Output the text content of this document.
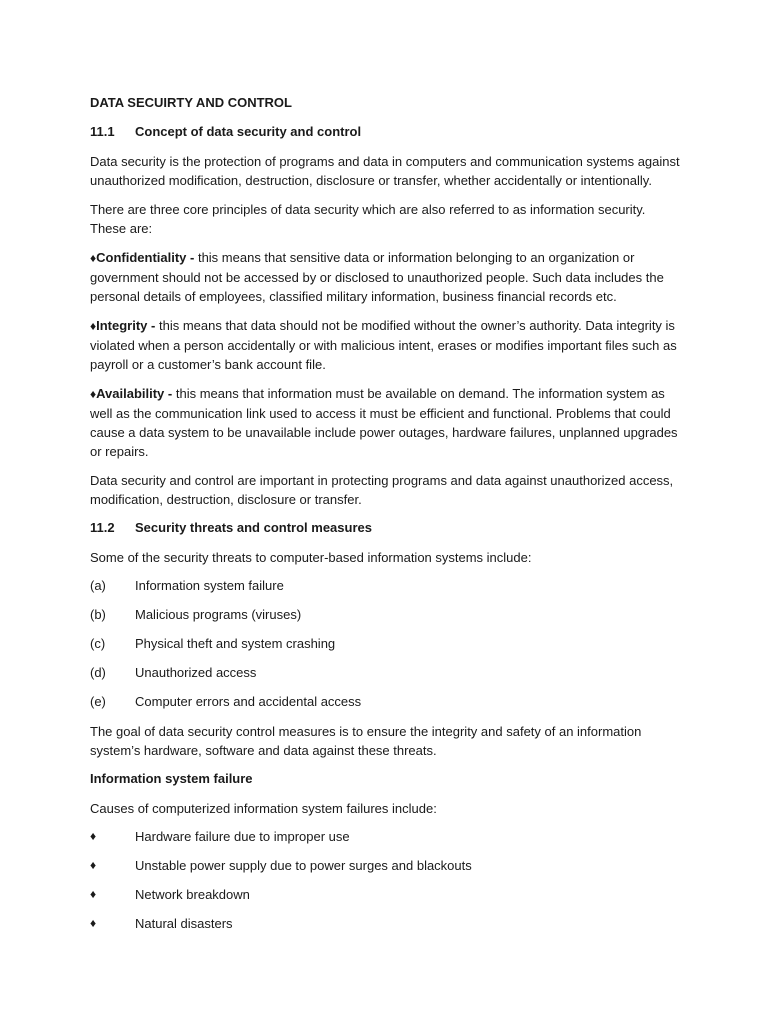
DATA SECUIRTY AND CONTROL
11.1	Concept of data security and control

Data security is the protection of programs and data in computers and communication systems against unauthorized modification, destruction, disclosure or transfer, whether accidentally or intentionally.

There are three core principles of data security which are also referred to as information security. These are:

♦Confidentiality - this means that sensitive data or information belonging to an organization or government should not be accessed by or disclosed to unauthorized people. Such data includes the personal details of employees, classified military information, business financial records etc.
♦Integrity - this means that data should not be modified without the owner’s authority. Data integrity is violated when a person accidentally or with malicious intent, erases or modifies important files such as payroll or a customer’s bank account file.
♦Availability - this means that information must be available on demand. The information system as well as the communication link used to access it must be efficient and functional. Problems that could cause a data system to be unavailable include power outages, hardware failures, unplanned upgrades or repairs.

Data security and control are important in protecting programs and data against unauthorized access, modification, destruction, disclosure or transfer.

11.2	Security threats and control measures

Some of the security threats to computer-based information systems include:

(a)	Information system failure
(b)	Malicious programs (viruses)
(c)	Physical theft and system crashing
(d)	Unauthorized access
(e)	Computer errors and accidental access

The goal of data security control measures is to ensure the integrity and safety of an information system’s hardware, software and data against these threats.

Information system failure

Causes of computerized information system failures include:

♦	Hardware failure due to improper use
♦	Unstable power supply due to power surges and blackouts
♦	Network breakdown
♦	Natural disasters
